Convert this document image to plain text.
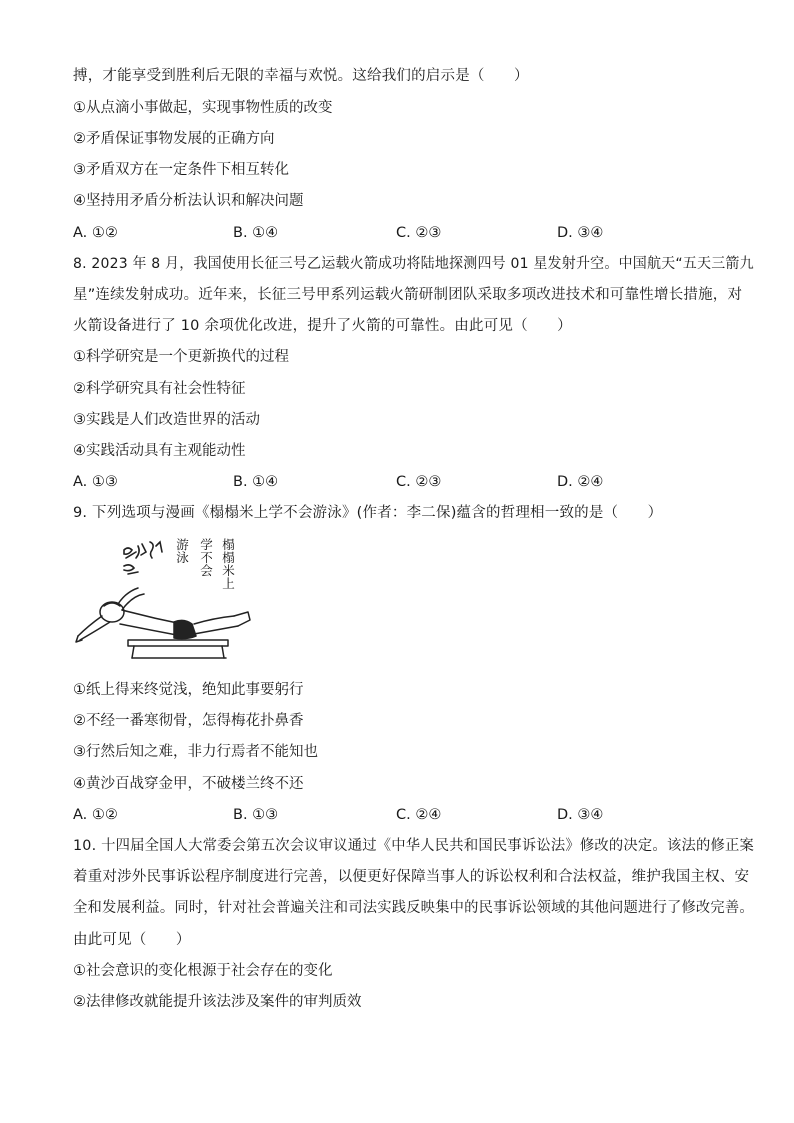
搏，才能享受到胜利后无限的幸福与欢悦。这给我们的启示是（　　）
①从点滴小事做起，实现事物性质的改变
②矛盾保证事物发展的正确方向
③矛盾双方在一定条件下相互转化
④坚持用矛盾分析法认识和解决问题
A. ①②	B. ①④	C. ②③	D. ③④
8. 2023 年 8 月，我国使用长征三号乙运载火箭成功将陆地探测四号 01 星发射升空。中国航天“五天三箭九
星”连续发射成功。近年来，长征三号甲系列运载火箭研制团队采取多项改进技术和可靠性增长措施，对
火箭设备进行了 10 余项优化改进，提升了火箭的可靠性。由此可见（　　）
①科学研究是一个更新换代的过程
②科学研究具有社会性特征
③实践是人们改造世界的活动
④实践活动具有主观能动性
A. ①③	B. ①④	C. ②③	D. ②④
9. 下列选项与漫画《榻榻米上学不会游泳》(作者：李二保)蕴含的哲理相一致的是（　　）
游泳
学不会
榻榻米上
①纸上得来终觉浅，绝知此事要躬行
②不经一番寒彻骨，怎得梅花扑鼻香
③行然后知之难，非力行焉者不能知也
④黄沙百战穿金甲，不破楼兰终不还
A. ①②	B. ①③	C. ②④	D. ③④
10. 十四届全国人大常委会第五次会议审议通过《中华人民共和国民事诉讼法》修改的决定。该法的修正案
着重对涉外民事诉讼程序制度进行完善，以便更好保障当事人的诉讼权利和合法权益，维护我国主权、安
全和发展利益。同时，针对社会普遍关注和司法实践反映集中的民事诉讼领域的其他问题进行了修改完善。
由此可见（　　）
①社会意识的变化根源于社会存在的变化
②法律修改就能提升该法涉及案件的审判质效
